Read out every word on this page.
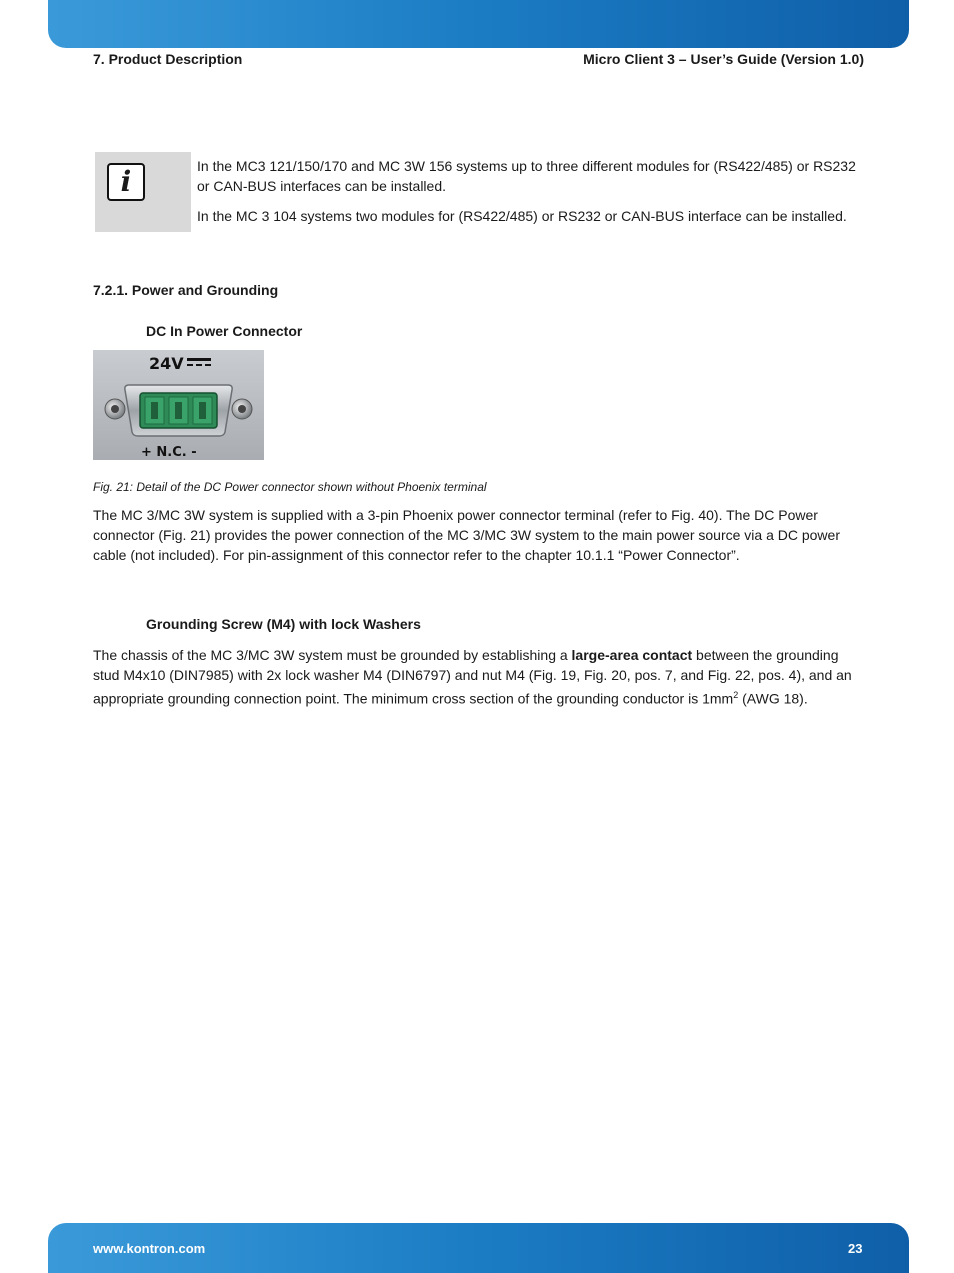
7. Product Description	Micro Client 3 – User’s Guide (Version 1.0)
i	In the MC3 121/150/170 and MC 3W 156 systems up to three different modules for (RS422/485) or RS232 or CAN-BUS interfaces can be installed.

In the MC 3 104 systems two modules for (RS422/485) or RS232 or CAN-BUS interface can be installed.

7.2.1. Power and Grounding
DC In Power Connector
24V
+ N.C. -
Fig. 21: Detail of the DC Power connector shown without Phoenix terminal
The MC 3/MC 3W system is supplied with a 3-pin Phoenix power connector terminal (refer to Fig. 40). The DC Power connector (Fig. 21) provides the power connection of the MC 3/MC 3W system to the main power source via a DC power cable (not included). For pin-assignment of this connector refer to the chapter 10.1.1 “Power Connector”.
Grounding Screw (M4) with lock Washers
The chassis of the MC 3/MC 3W system must be grounded by establishing a large-area contact between the grounding stud M4x10 (DIN7985) with 2x lock washer M4 (DIN6797) and nut M4 (Fig. 19, Fig. 20, pos. 7, and Fig. 22, pos. 4), and an appropriate grounding connection point. The minimum cross section of the grounding conductor is $1mm^2$ (AWG 18).
www.kontron.com	23
